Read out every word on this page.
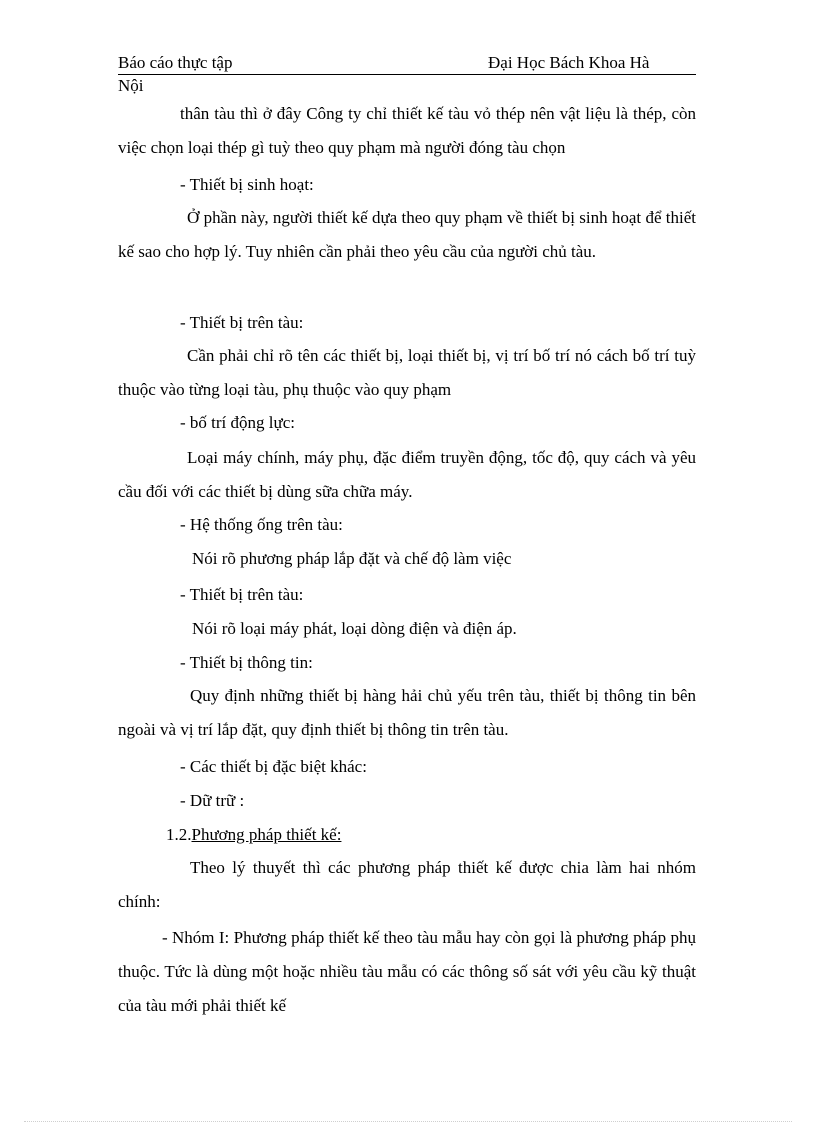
Báo cáo thực tập	Đại Học Bách Khoa Hà
Nội
thân tàu thì ở đây Công ty chỉ thiết kế tàu vỏ thép nên vật liệu là thép, còn việc chọn loại thép gì tuỳ theo quy phạm mà người đóng tàu chọn
- Thiết bị sinh hoạt:
Ở phần này, người thiết kế dựa theo quy phạm về thiết bị sinh hoạt để thiết kế sao cho hợp lý. Tuy nhiên cần phải theo yêu cầu của người chủ tàu.
- Thiết bị trên tàu:
Cần phải chỉ rõ tên các thiết bị, loại thiết bị, vị trí bố trí nó cách bố trí tuỳ thuộc vào từng loại tàu, phụ thuộc vào quy phạm
- bố trí động lực:
Loại máy chính, máy phụ, đặc điểm truyền động, tốc độ, quy cách và yêu cầu đối với các thiết bị dùng sữa chữa máy.
- Hệ thống ống trên tàu:
Nói rõ phương pháp lắp đặt và chế độ làm việc
- Thiết bị trên tàu:
Nói rõ loại máy phát, loại dòng điện và điện áp.
- Thiết bị thông tin:
Quy định những thiết bị hàng hải chủ yếu trên tàu, thiết bị thông tin bên ngoài và vị trí lắp đặt, quy định thiết bị thông tin trên tàu.
- Các thiết bị đặc biệt khác:
- Dữ trữ :
1.2.Phương pháp thiết kế:
Theo lý thuyết thì các phương pháp thiết kế được chia làm hai nhóm chính:
- Nhóm I: Phương pháp thiết kế theo tàu mẫu hay còn gọi là phương pháp phụ thuộc. Tức là dùng một hoặc nhiều tàu mẫu có các thông số sát với yêu cầu kỹ thuật của tàu mới phải thiết kế
